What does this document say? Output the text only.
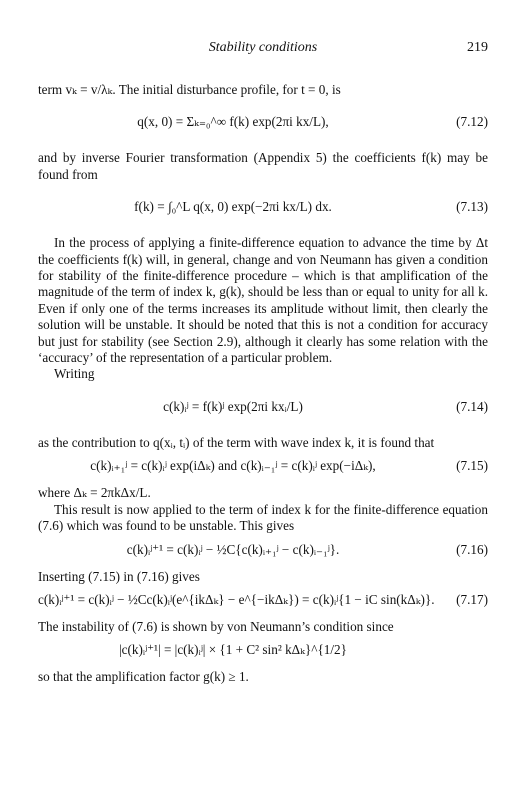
Stability conditions	219

term vₖ = v/λₖ. The initial disturbance profile, for t = 0, is

q(x, 0) = Σₖ₌₀^∞ f(k) exp(2πi kx/L),	(7.12)

and by inverse Fourier transformation (Appendix 5) the coefficients f(k) may be found from

f(k) = ∫₀^L q(x, 0) exp(−2πi kx/L) dx.	(7.13)

In the process of applying a finite-difference equation to advance the time by Δt the coefficients f(k) will, in general, change and von Neumann has given a condition for stability of the finite-difference procedure – which is that amplification of the magnitude of the term of index k, g(k), should be less than or equal to unity for all k. Even if only one of the terms increases its amplitude without limit, then clearly the solution will be unstable. It should be noted that this is not a condition for accuracy but just for stability (see Section 2.9), although it clearly has some relation with the ‘accuracy’ of the representation of a particular problem.

Writing

c(k)ᵢʲ = f(k)ʲ exp(2πi kxᵢ/L)	(7.14)

as the contribution to q(xᵢ, tᵢ) of the term with wave index k, it is found that

c(k)ᵢ₊₁ʲ = c(k)ᵢʲ exp(iΔₖ) and c(k)ᵢ₋₁ʲ = c(k)ᵢʲ exp(−iΔₖ),	(7.15)

where Δₖ = 2πkΔx/L.

This result is now applied to the term of index k for the finite-difference equation (7.6) which was found to be unstable. This gives

c(k)ᵢʲ⁺¹ = c(k)ᵢʲ − ½C{c(k)ᵢ₊₁ʲ − c(k)ᵢ₋₁ʲ}.	(7.16)

Inserting (7.15) in (7.16) gives

c(k)ᵢʲ⁺¹ = c(k)ᵢʲ − ½Cc(k)ᵢʲ(e^{ikΔₖ} − e^{−ikΔₖ}) = c(k)ᵢʲ{1 − iC sin(kΔₖ)}. (7.17)

The instability of (7.6) is shown by von Neumann’s condition since

|c(k)ᵢʲ⁺¹| = |c(k)ᵢʲ| × {1 + C² sin² kΔₖ}^{1/2}

so that the amplification factor g(k) ≥ 1.
